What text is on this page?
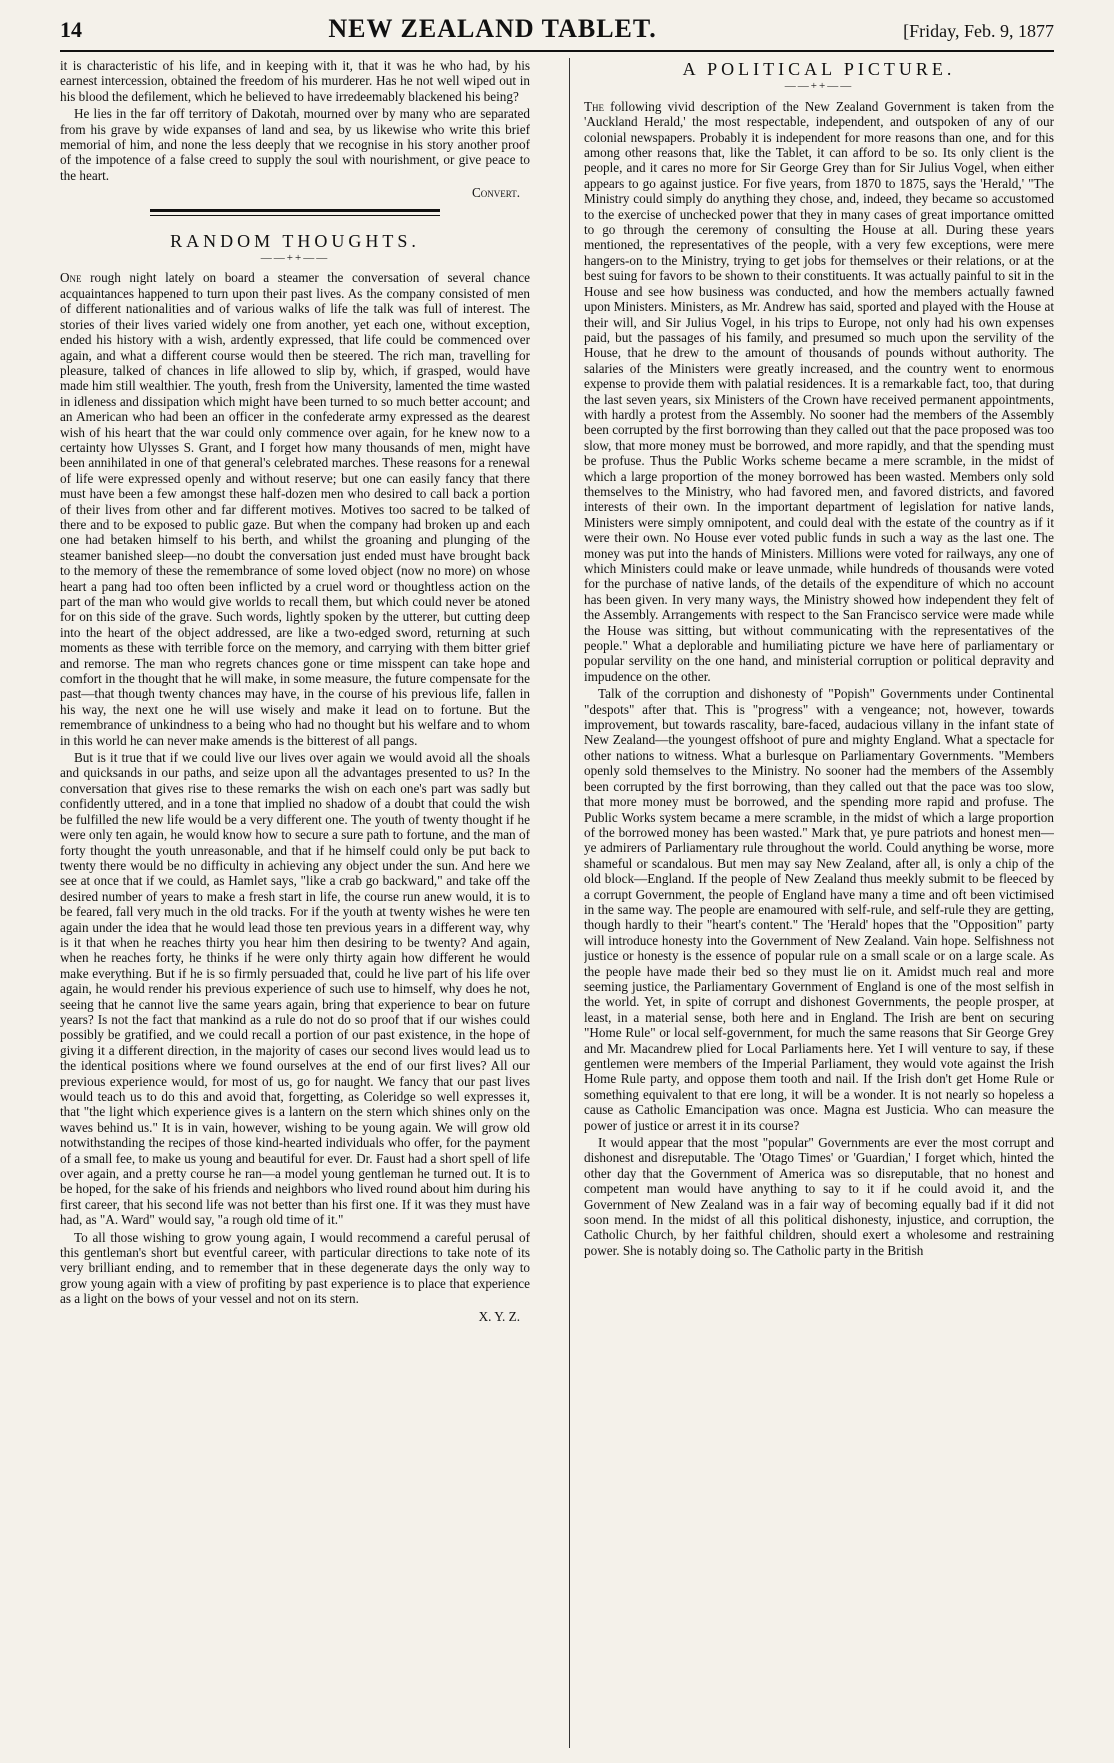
14	NEW ZEALAND TABLET.	[Friday, Feb. 9, 1877

it is characteristic of his life, and in keeping with it, that it was he who had, by his earnest intercession, obtained the freedom of his murderer. Has he not well wiped out in his blood the defilement, which he believed to have irredeemably blackened his being?

He lies in the far off territory of Dakotah, mourned over by many who are separated from his grave by wide expanses of land and sea, by us likewise who write this brief memorial of him, and none the less deeply that we recognise in his story another proof of the impotence of a false creed to supply the soul with nourishment, or give peace to the heart.

Convert.
RANDOM THOUGHTS.
——++——

One rough night lately on board a steamer the conversation of several chance acquaintances happened to turn upon their past lives. As the company consisted of men of different nationalities and of various walks of life the talk was full of interest. The stories of their lives varied widely one from another, yet each one, without exception, ended his history with a wish, ardently expressed, that life could be commenced over again, and what a different course would then be steered. The rich man, travelling for pleasure, talked of chances in life allowed to slip by, which, if grasped, would have made him still wealthier. The youth, fresh from the University, lamented the time wasted in idleness and dissipation which might have been turned to so much better account; and an American who had been an officer in the confederate army expressed as the dearest wish of his heart that the war could only commence over again, for he knew now to a certainty how Ulysses S. Grant, and I forget how many thousands of men, might have been annihilated in one of that general's celebrated marches. These reasons for a renewal of life were expressed openly and without reserve; but one can easily fancy that there must have been a few amongst these half-dozen men who desired to call back a portion of their lives from other and far different motives. Motives too sacred to be talked of there and to be exposed to public gaze. But when the company had broken up and each one had betaken himself to his berth, and whilst the groaning and plunging of the steamer banished sleep—no doubt the conversation just ended must have brought back to the memory of these the remembrance of some loved object (now no more) on whose heart a pang had too often been inflicted by a cruel word or thoughtless action on the part of the man who would give worlds to recall them, but which could never be atoned for on this side of the grave. Such words, lightly spoken by the utterer, but cutting deep into the heart of the object addressed, are like a two-edged sword, returning at such moments as these with terrible force on the memory, and carrying with them bitter grief and remorse. The man who regrets chances gone or time misspent can take hope and comfort in the thought that he will make, in some measure, the future compensate for the past—that though twenty chances may have, in the course of his previous life, fallen in his way, the next one he will use wisely and make it lead on to fortune. But the remembrance of unkindness to a being who had no thought but his welfare and to whom in this world he can never make amends is the bitterest of all pangs.

But is it true that if we could live our lives over again we would avoid all the shoals and quicksands in our paths, and seize upon all the advantages presented to us? In the conversation that gives rise to these remarks the wish on each one's part was sadly but confidently uttered, and in a tone that implied no shadow of a doubt that could the wish be fulfilled the new life would be a very different one. The youth of twenty thought if he were only ten again, he would know how to secure a sure path to fortune, and the man of forty thought the youth unreasonable, and that if he himself could only be put back to twenty there would be no difficulty in achieving any object under the sun. And here we see at once that if we could, as Hamlet says, "like a crab go backward," and take off the desired number of years to make a fresh start in life, the course run anew would, it is to be feared, fall very much in the old tracks. For if the youth at twenty wishes he were ten again under the idea that he would lead those ten previous years in a different way, why is it that when he reaches thirty you hear him then desiring to be twenty? And again, when he reaches forty, he thinks if he were only thirty again how different he would make everything. But if he is so firmly persuaded that, could he live part of his life over again, he would render his previous experience of such use to himself, why does he not, seeing that he cannot live the same years again, bring that experience to bear on future years? Is not the fact that mankind as a rule do not do so proof that if our wishes could possibly be gratified, and we could recall a portion of our past existence, in the hope of giving it a different direction, in the majority of cases our second lives would lead us to the identical positions where we found ourselves at the end of our first lives? All our previous experience would, for most of us, go for naught. We fancy that our past lives would teach us to do this and avoid that, forgetting, as Coleridge so well expresses it, that "the light which experience gives is a lantern on the stern which shines only on the waves behind us." It is in vain, however, wishing to be young again. We will grow old notwithstanding the recipes of those kind-hearted individuals who offer, for the payment of a small fee, to make us young and beautiful for ever. Dr. Faust had a short spell of life over again, and a pretty course he ran—a model young gentleman he turned out. It is to be hoped, for the sake of his friends and neighbors who lived round about him during his first career, that his second life was not better than his first one. If it was they must have had, as "A. Ward" would say, "a rough old time of it."

To all those wishing to grow young again, I would recommend a careful perusal of this gentleman's short but eventful career, with particular directions to take note of its very brilliant ending, and to remember that in these degenerate days the only way to grow young again with a view of profiting by past experience is to place that experience as a light on the bows of your vessel and not on its stern.

X. Y. Z.
A POLITICAL PICTURE.
——++——

The following vivid description of the New Zealand Government is taken from the 'Auckland Herald,' the most respectable, independent, and outspoken of any of our colonial newspapers. Probably it is independent for more reasons than one, and for this among other reasons that, like the Tablet, it can afford to be so. Its only client is the people, and it cares no more for Sir George Grey than for Sir Julius Vogel, when either appears to go against justice. For five years, from 1870 to 1875, says the 'Herald,' "The Ministry could simply do anything they chose, and, indeed, they became so accustomed to the exercise of unchecked power that they in many cases of great importance omitted to go through the ceremony of consulting the House at all. During these years mentioned, the representatives of the people, with a very few exceptions, were mere hangers-on to the Ministry, trying to get jobs for themselves or their relations, or at the best suing for favors to be shown to their constituents. It was actually painful to sit in the House and see how business was conducted, and how the members actually fawned upon Ministers. Ministers, as Mr. Andrew has said, sported and played with the House at their will, and Sir Julius Vogel, in his trips to Europe, not only had his own expenses paid, but the passages of his family, and presumed so much upon the servility of the House, that he drew to the amount of thousands of pounds without authority. The salaries of the Ministers were greatly increased, and the country went to enormous expense to provide them with palatial residences. It is a remarkable fact, too, that during the last seven years, six Ministers of the Crown have received permanent appointments, with hardly a protest from the Assembly. No sooner had the members of the Assembly been corrupted by the first borrowing than they called out that the pace proposed was too slow, that more money must be borrowed, and more rapidly, and that the spending must be profuse. Thus the Public Works scheme became a mere scramble, in the midst of which a large proportion of the money borrowed has been wasted. Members only sold themselves to the Ministry, who had favored men, and favored districts, and favored interests of their own. In the important department of legislation for native lands, Ministers were simply omnipotent, and could deal with the estate of the country as if it were their own. No House ever voted public funds in such a way as the last one. The money was put into the hands of Ministers. Millions were voted for railways, any one of which Ministers could make or leave unmade, while hundreds of thousands were voted for the purchase of native lands, of the details of the expenditure of which no account has been given. In very many ways, the Ministry showed how independent they felt of the Assembly. Arrangements with respect to the San Francisco service were made while the House was sitting, but without communicating with the representatives of the people." What a deplorable and humiliating picture we have here of parliamentary or popular servility on the one hand, and ministerial corruption or political depravity and impudence on the other.

Talk of the corruption and dishonesty of "Popish" Governments under Continental "despots" after that. This is "progress" with a vengeance; not, however, towards improvement, but towards rascality, bare-faced, audacious villany in the infant state of New Zealand—the youngest offshoot of pure and mighty England. What a spectacle for other nations to witness. What a burlesque on Parliamentary Governments. "Members openly sold themselves to the Ministry. No sooner had the members of the Assembly been corrupted by the first borrowing, than they called out that the pace was too slow, that more money must be borrowed, and the spending more rapid and profuse. The Public Works system became a mere scramble, in the midst of which a large proportion of the borrowed money has been wasted." Mark that, ye pure patriots and honest men—ye admirers of Parliamentary rule throughout the world. Could anything be worse, more shameful or scandalous. But men may say New Zealand, after all, is only a chip of the old block—England. If the people of New Zealand thus meekly submit to be fleeced by a corrupt Government, the people of England have many a time and oft been victimised in the same way. The people are enamoured with self-rule, and self-rule they are getting, though hardly to their "heart's content." The 'Herald' hopes that the "Opposition" party will introduce honesty into the Government of New Zealand. Vain hope. Selfishness not justice or honesty is the essence of popular rule on a small scale or on a large scale. As the people have made their bed so they must lie on it. Amidst much real and more seeming justice, the Parliamentary Government of England is one of the most selfish in the world. Yet, in spite of corrupt and dishonest Governments, the people prosper, at least, in a material sense, both here and in England. The Irish are bent on securing "Home Rule" or local self-government, for much the same reasons that Sir George Grey and Mr. Macandrew plied for Local Parliaments here. Yet I will venture to say, if these gentlemen were members of the Imperial Parliament, they would vote against the Irish Home Rule party, and oppose them tooth and nail. If the Irish don't get Home Rule or something equivalent to that ere long, it will be a wonder. It is not nearly so hopeless a cause as Catholic Emancipation was once. Magna est Justicia. Who can measure the power of justice or arrest it in its course?

It would appear that the most "popular" Governments are ever the most corrupt and dishonest and disreputable. The 'Otago Times' or 'Guardian,' I forget which, hinted the other day that the Government of America was so disreputable, that no honest and competent man would have anything to say to it if he could avoid it, and the Government of New Zealand was in a fair way of becoming equally bad if it did not soon mend. In the midst of all this political dishonesty, injustice, and corruption, the Catholic Church, by her faithful children, should exert a wholesome and restraining power. She is notably doing so. The Catholic party in the British
